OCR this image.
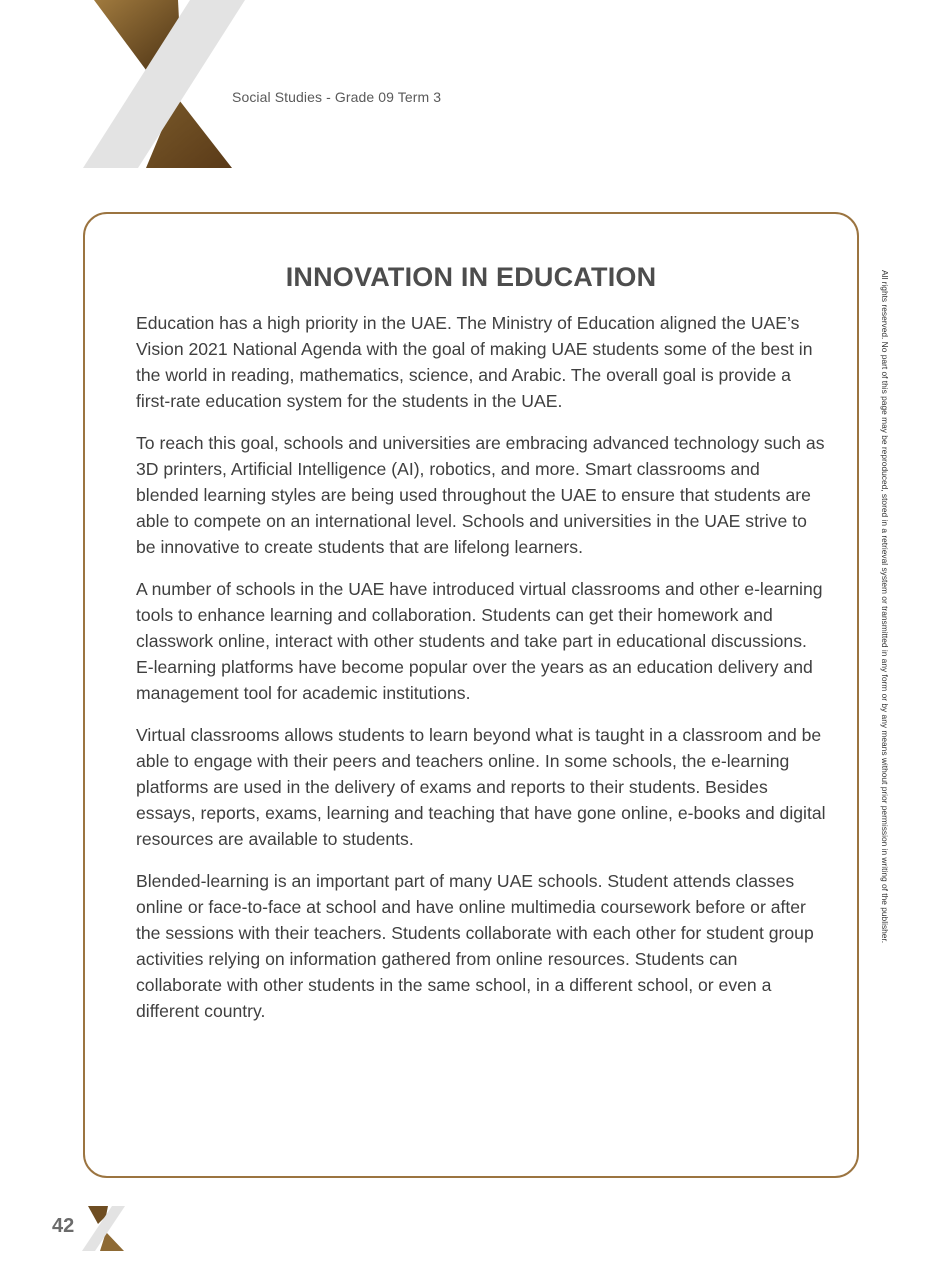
Social Studies - Grade 09 Term 3
INNOVATION IN EDUCATION

Education has a high priority in the UAE. The Ministry of Education aligned the UAE’s Vision 2021 National Agenda with the goal of making UAE students some of the best in the world in reading, mathematics, science, and Arabic. The overall goal is provide a first-rate education system for the students in the UAE.

To reach this goal, schools and universities are embracing advanced technology such as 3D printers, Artificial Intelligence (AI), robotics, and more. Smart classrooms and blended learning styles are being used throughout the UAE to ensure that students are able to compete on an international level. Schools and universities in the UAE strive to be innovative to create students that are lifelong learners.

A number of schools in the UAE have introduced virtual classrooms and other e-learning tools to enhance learning and collaboration. Students can get their homework and classwork online, interact with other students and take part in educational discussions. E-learning platforms have become popular over the years as an education delivery and management tool for academic institutions.

Virtual classrooms allows students to learn beyond what is taught in a classroom and be able to engage with their peers and teachers online. In some schools, the e-learning platforms are used in the delivery of exams and reports to their students. Besides essays, reports, exams, learning and teaching that have gone online, e-books and digital resources are available to students.

Blended-learning is an important part of many UAE schools. Student attends classes online or face-to-face at school and have online multimedia coursework before or after the sessions with their teachers. Students collaborate with each other for student group activities relying on information gathered from online resources. Students can collaborate with other students in the same school, in a different school, or even a different country.

All rights reserved. No part of this page may be reproduced, stored in a retrieval system or transmitted in any form or by any means without prior permission in writing of the publisher.
42
